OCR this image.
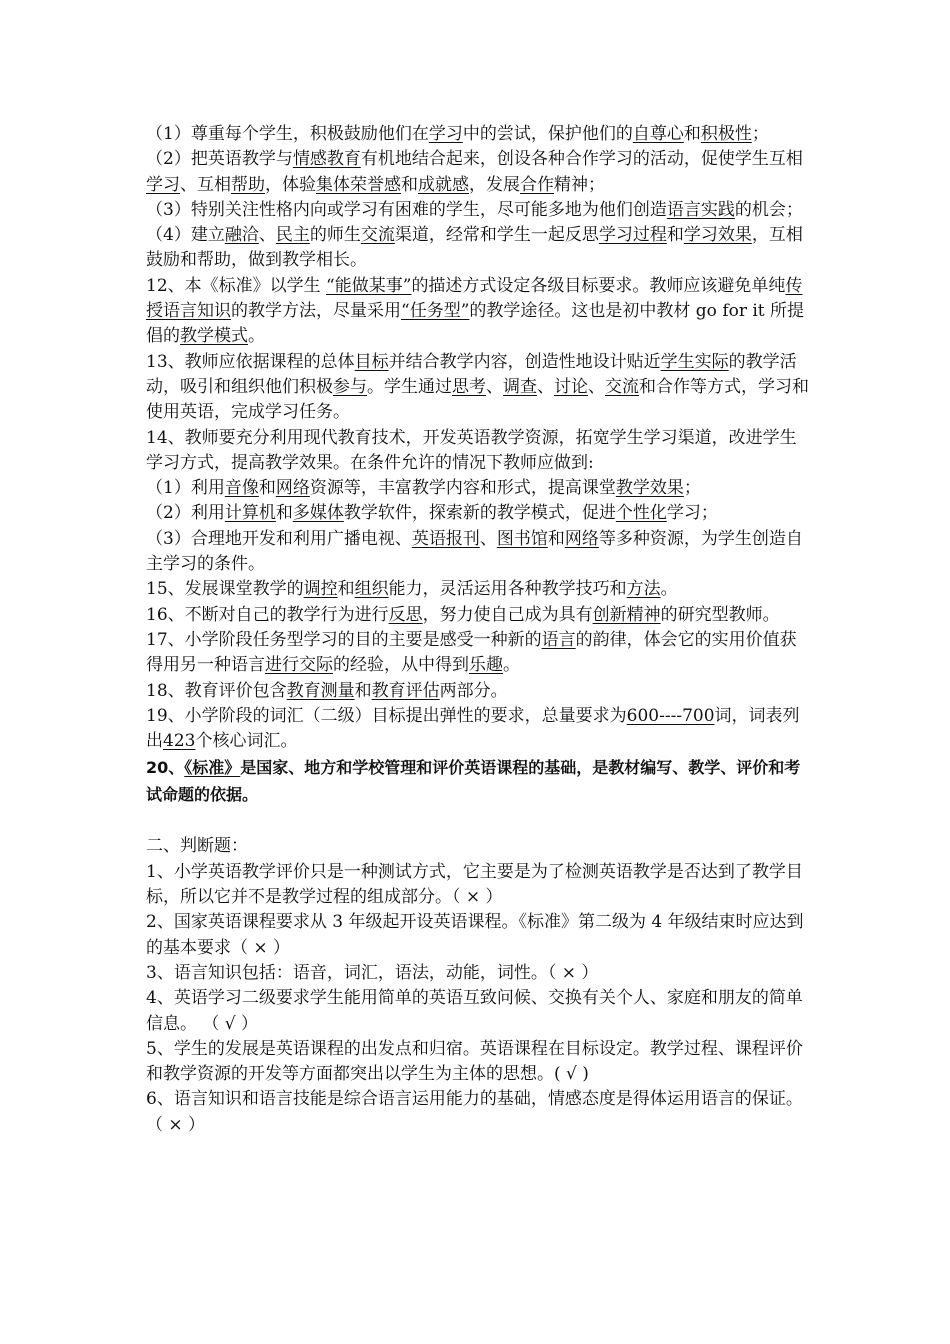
（1）尊重每个学生，积极鼓励他们在学习中的尝试，保护他们的自尊心和积极性；

（2）把英语教学与情感教育有机地结合起来，创设各种合作学习的活动，促使学生互相学习、互相帮助，体验集体荣誉感和成就感，发展合作精神；

（3）特别关注性格内向或学习有困难的学生，尽可能多地为他们创造语言实践的机会；

（4）建立融洽、民主的师生交流渠道，经常和学生一起反思学习过程和学习效果，互相鼓励和帮助，做到教学相长。

12、本《标准》以学生 “能做某事”的描述方式设定各级目标要求。教师应该避免单纯传授语言知识的教学方法，尽量采用“任务型”的教学途径。这也是初中教材 go for it 所提倡的教学模式。

13、教师应依据课程的总体目标并结合教学内容，创造性地设计贴近学生实际的教学活动，吸引和组织他们积极参与。学生通过思考、调查、讨论、交流和合作等方式，学习和使用英语，完成学习任务。

14、教师要充分利用现代教育技术，开发英语教学资源，拓宽学生学习渠道，改进学生学习方式，提高教学效果。在条件允许的情况下教师应做到:

（1）利用音像和网络资源等，丰富教学内容和形式，提高课堂教学效果；

（2）利用计算机和多媒体教学软件，探索新的教学模式，促进个性化学习；

（3）合理地开发和利用广播电视、英语报刊、图书馆和网络等多种资源，为学生创造自主学习的条件。

15、发展课堂教学的调控和组织能力，灵活运用各种教学技巧和方法。

16、不断对自己的教学行为进行反思，努力使自己成为具有创新精神的研究型教师。

17、小学阶段任务型学习的目的主要是感受一种新的语言的韵律，体会它的实用价值获得用另一种语言进行交际的经验，从中得到乐趣。

18、教育评价包含教育测量和教育评估两部分。

19、小学阶段的词汇（二级）目标提出弹性的要求，总量要求为600----700词，词表列出423个核心词汇。

20、《标准》是国家、地方和学校管理和评价英语课程的基础，是教材编写、教学、评价和考试命题的依据。

二、判断题：

1、小学英语教学评价只是一种测试方式，它主要是为了检测英语教学是否达到了教学目标，所以它并不是教学过程的组成部分。（ × ）

2、国家英语课程要求从 3 年级起开设英语课程。《标准》第二级为 4 年级结束时应达到的基本要求（ × ）

3、语言知识包括：语音，词汇，语法，动能，词性。（ × ）

4、英语学习二级要求学生能用简单的英语互致问候、交换有关个人、家庭和朋友的简单信息。 （ √ ）

5、学生的发展是英语课程的出发点和归宿。英语课程在目标设定。教学过程、课程评价和教学资源的开发等方面都突出以学生为主体的思想。( √ )

6、语言知识和语言技能是综合语言运用能力的基础，情感态度是得体运用语言的保证。（ × ）
